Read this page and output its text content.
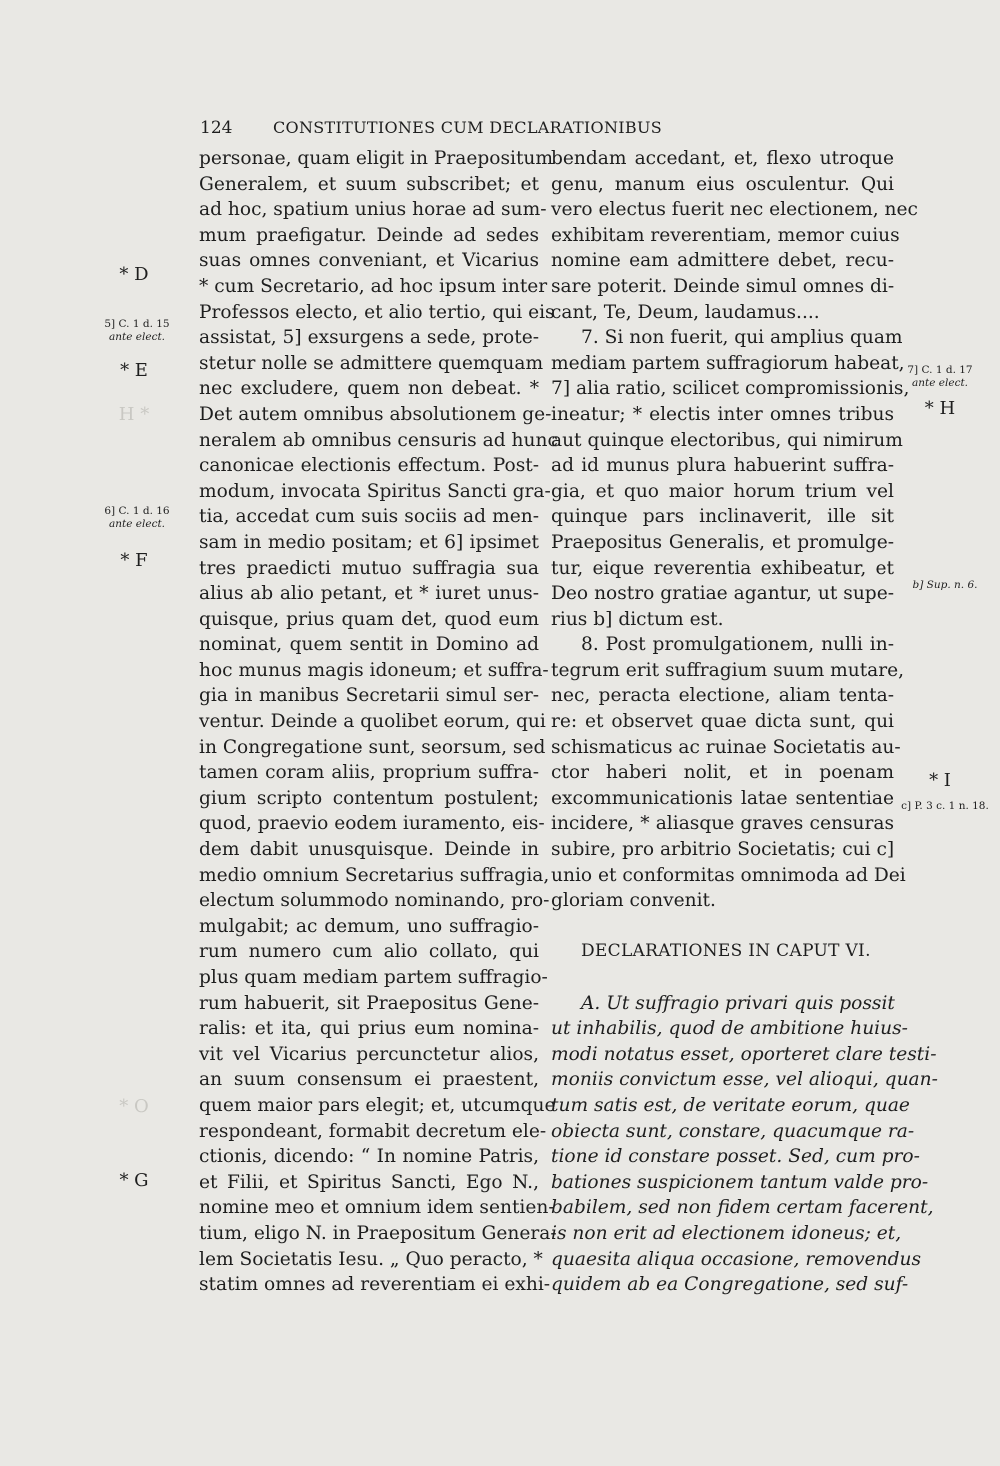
124	CONSTITUTIONES CUM DECLARATIONIBUS
* D
5] C. 1 d. 15
ante elect.
* E
H *
6] C. 1 d. 16
ante elect.
* F
* O
* G
7] C. 1 d. 17
ante elect.
* H
b] Sup. n. 6.
* I
c] P. 3 c. 1 n. 18.
personae, quam eligit in Praepositum
Generalem, et suum subscribet; et
ad hoc, spatium unius horae ad sum-
mum praefigatur. Deinde ad sedes
suas omnes conveniant, et Vicarius
* cum Secretario, ad hoc ipsum inter
Professos electo, et alio tertio, qui eis
assistat, 5] exsurgens a sede, prote-
stetur nolle se admittere quemquam
nec excludere, quem non debeat. *
Det autem omnibus absolutionem ge-
neralem ab omnibus censuris ad hunc
canonicae electionis effectum. Post-
modum, invocata Spiritus Sancti gra-
tia, accedat cum suis sociis ad men-
sam in medio positam; et 6] ipsimet
tres praedicti mutuo suffragia sua
alius ab alio petant, et * iuret unus-
quisque, prius quam det, quod eum
nominat, quem sentit in Domino ad
hoc munus magis idoneum; et suffra-
gia in manibus Secretarii simul ser-
ventur. Deinde a quolibet eorum, qui
in Congregatione sunt, seorsum, sed
tamen coram aliis, proprium suffra-
gium scripto contentum postulent;
quod, praevio eodem iuramento, eis-
dem dabit unusquisque. Deinde in
medio omnium Secretarius suffragia,
electum solummodo nominando, pro-
mulgabit; ac demum, uno suffragio-
rum numero cum alio collato, qui
plus quam mediam partem suffragio-
rum habuerit, sit Praepositus Gene-
ralis: et ita, qui prius eum nomina-
vit vel Vicarius percunctetur alios,
an suum consensum ei praestent,
quem maior pars elegit; et, utcumque
respondeant, formabit decretum ele-
ctionis, dicendo: “ In nomine Patris,
et Filii, et Spiritus Sancti, Ego N.,
nomine meo et omnium idem sentien-
tium, eligo N. in Praepositum Genera-
lem Societatis Iesu. „ Quo peracto, *
statim omnes ad reverentiam ei exhi-
bendam accedant, et, flexo utroque
genu, manum eius osculentur. Qui
vero electus fuerit nec electionem, nec
exhibitam reverentiam, memor cuius
nomine eam admittere debet, recu-
sare poterit. Deinde simul omnes di-
cant, Te, Deum, laudamus....
7. Si non fuerit, qui amplius quam
mediam partem suffragiorum habeat,
7] alia ratio, scilicet compromissionis,
ineatur; * electis inter omnes tribus
aut quinque electoribus, qui nimirum
ad id munus plura habuerint suffra-
gia, et quo maior horum trium vel
quinque pars inclinaverit, ille sit
Praepositus Generalis, et promulge-
tur, eique reverentia exhibeatur, et
Deo nostro gratiae agantur, ut supe-
rius b] dictum est.
8. Post promulgationem, nulli in-
tegrum erit suffragium suum mutare,
nec, peracta electione, aliam tenta-
re: et observet quae dicta sunt, qui
schismaticus ac ruinae Societatis au-
ctor haberi nolit, et in poenam
excommunicationis latae sententiae
incidere, * aliasque graves censuras
subire, pro arbitrio Societatis; cui c]
unio et conformitas omnimoda ad Dei
gloriam convenit.
DECLARATIONES IN CAPUT VI.
A. Ut suffragio privari quis possit
ut inhabilis, quod de ambitione huius-
modi notatus esset, oporteret clare testi-
moniis convictum esse, vel alioqui, quan-
tum satis est, de veritate eorum, quae
obiecta sunt, constare, quacumque ra-
tione id constare posset. Sed, cum pro-
bationes suspicionem tantum valde pro-
babilem, sed non fidem certam facerent,
is non erit ad electionem idoneus; et,
quaesita aliqua occasione, removendus
quidem ab ea Congregatione, sed suf-
